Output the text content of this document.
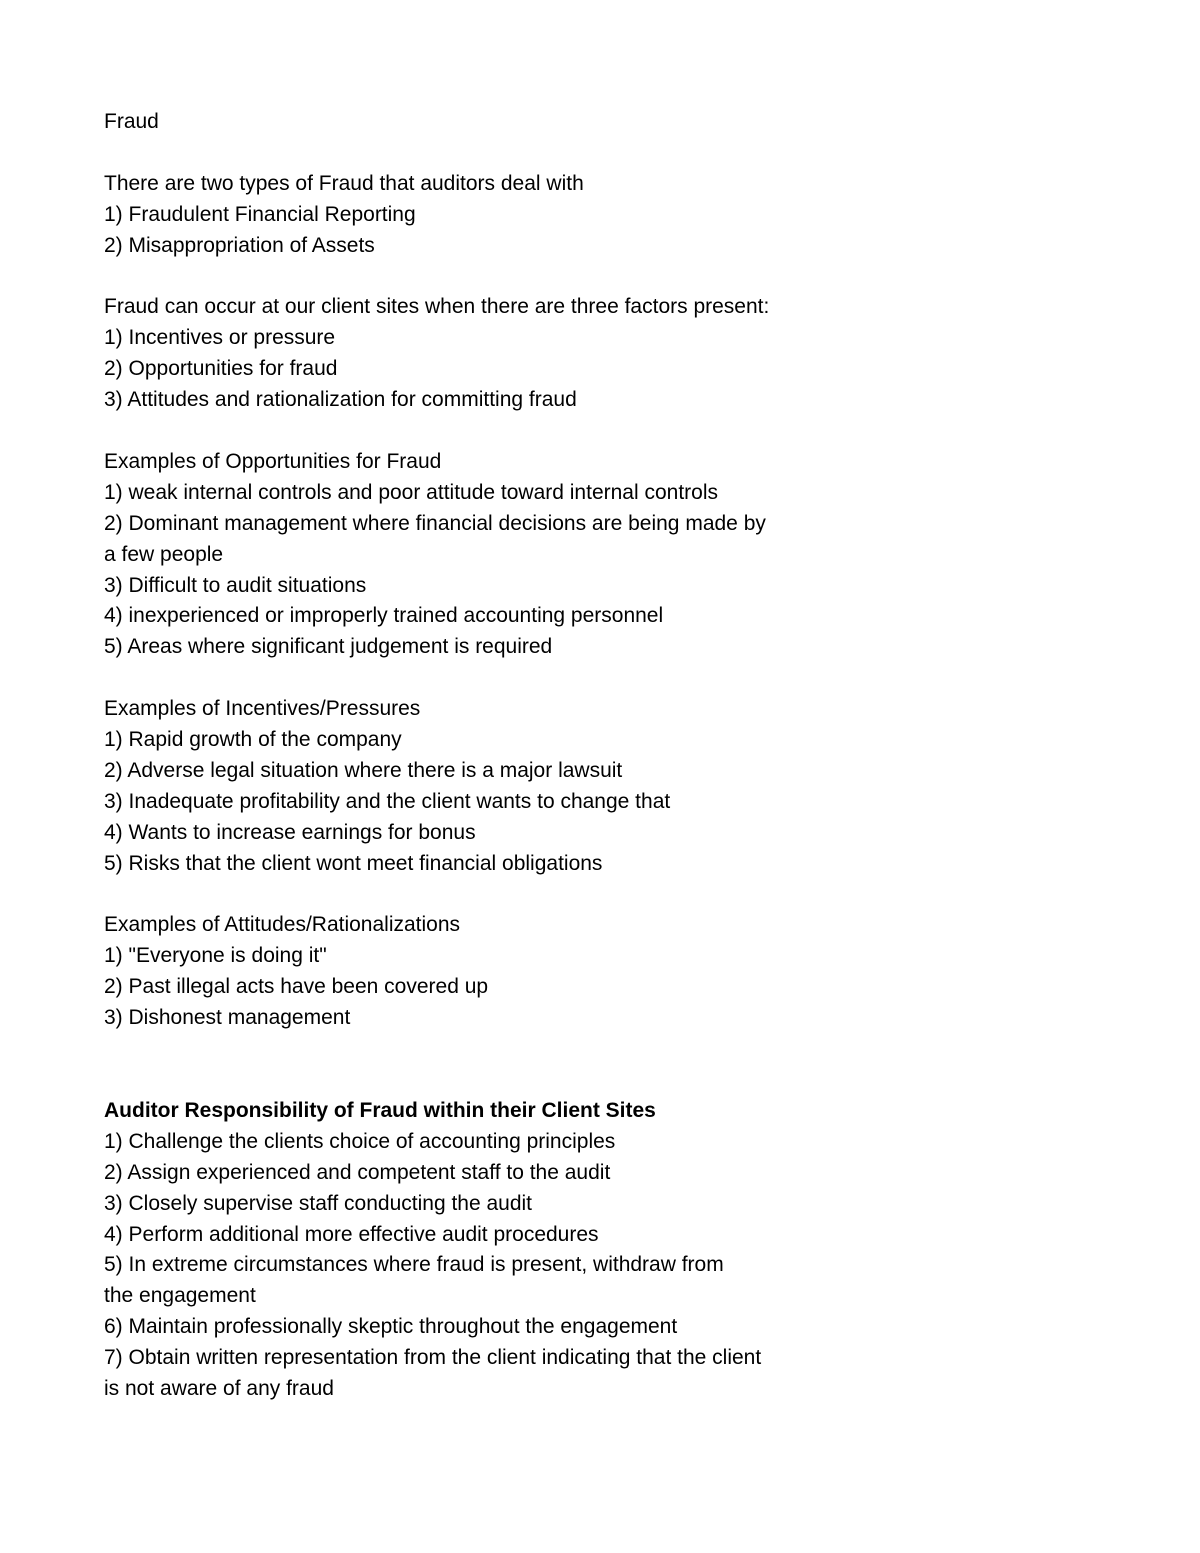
Fraud
There are two types of Fraud that auditors deal with
1) Fraudulent Financial Reporting
2) Misappropriation of Assets
Fraud can occur at our client sites when there are three factors present:
1) Incentives or pressure
2) Opportunities for fraud
3) Attitudes and rationalization for committing fraud
Examples of Opportunities for Fraud
1) weak internal controls and poor attitude toward internal controls
2) Dominant management where financial decisions are being made by
a few people
3) Difficult to audit situations
4) inexperienced or improperly trained accounting personnel
5) Areas where significant judgement is required
Examples of Incentives/Pressures
1) Rapid growth of the company
2) Adverse legal situation where there is a major lawsuit
3) Inadequate profitability and the client wants to change that
4) Wants to increase earnings for bonus
5) Risks that the client wont meet financial obligations
Examples of Attitudes/Rationalizations
1) "Everyone is doing it"
2) Past illegal acts have been covered up
3) Dishonest management
Auditor Responsibility of Fraud within their Client Sites
1) Challenge the clients choice of accounting principles
2) Assign experienced and competent staff to the audit
3) Closely supervise staff conducting the audit
4) Perform additional more effective audit procedures
5) In extreme circumstances where fraud is present, withdraw from
the engagement
6) Maintain professionally skeptic throughout the engagement
7) Obtain written representation from the client indicating that the client
is not aware of any fraud
